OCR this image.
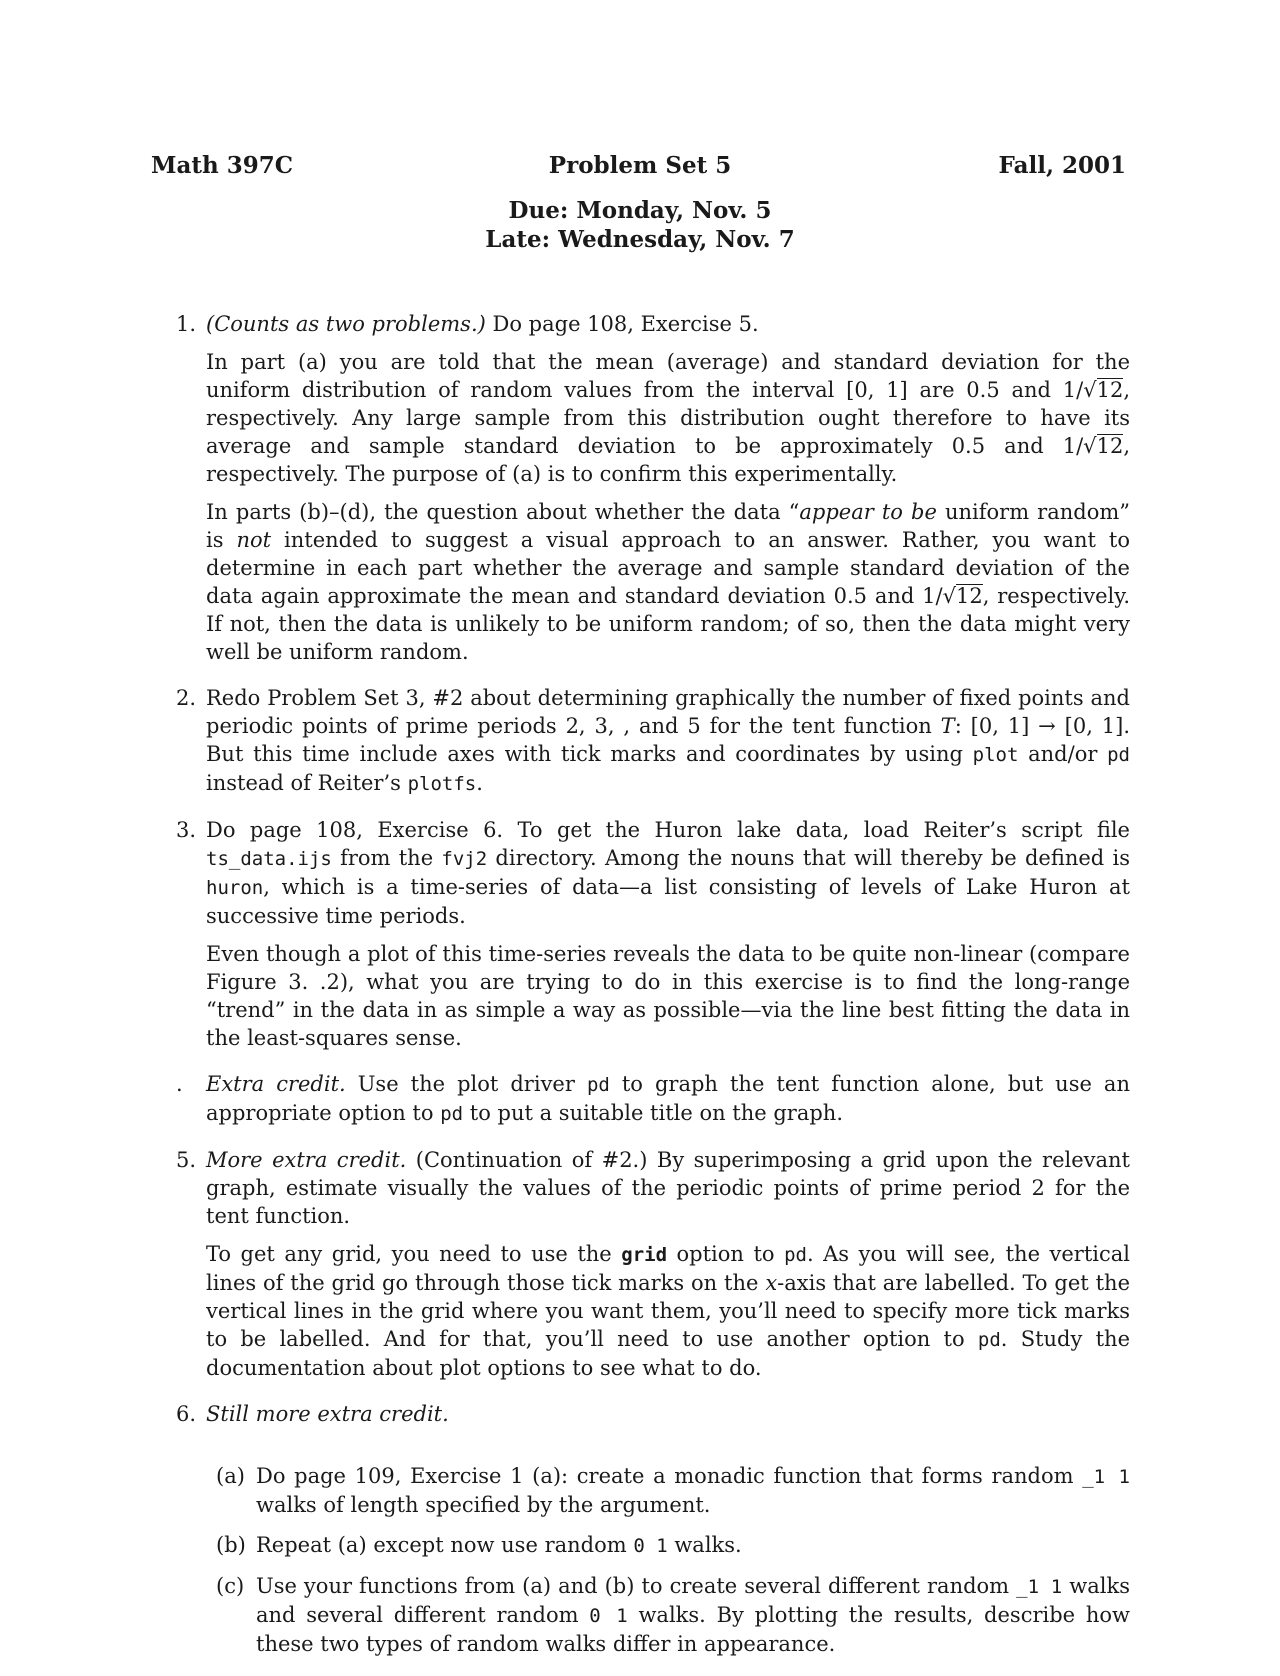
Math 397C	Problem Set 5	Fall, 2001
Due: Monday, Nov. 5
Late: Wednesday, Nov. 7
1. (Counts as two problems.) Do page 108, Exercise 5.

In part (a) you are told that the mean (average) and standard deviation for the uniform distribution of random values from the interval [0, 1] are 0.5 and 1/√12, respectively. Any large sample from this distribution ought therefore to have its average and sample standard deviation to be approximately 0.5 and 1/√12, respectively. The purpose of (a) is to confirm this experimentally.

In parts (b)–(d), the question about whether the data “appear to be uniform random” is not intended to suggest a visual approach to an answer. Rather, you want to determine in each part whether the average and sample standard deviation of the data again approximate the mean and standard deviation 0.5 and 1/√12, respectively. If not, then the data is unlikely to be uniform random; of so, then the data might very well be uniform random.

2. Redo Problem Set 3, #2 about determining graphically the number of fixed points and periodic points of prime periods 2, 3, , and 5 for the tent function T: [0, 1] → [0, 1]. But this time include axes with tick marks and coordinates by using plot and/or pd instead of Reiter’s plotfs.

3. Do page 108, Exercise 6. To get the Huron lake data, load Reiter’s script file ts_data.ijs from the fvj2 directory. Among the nouns that will thereby be defined is huron, which is a time-series of data—a list consisting of levels of Lake Huron at successive time periods.

Even though a plot of this time-series reveals the data to be quite non-linear (compare Figure 3. .2), what you are trying to do in this exercise is to find the long-range “trend” in the data in as simple a way as possible—via the line best fitting the data in the least-squares sense.

.	Extra credit. Use the plot driver pd to graph the tent function alone, but use an appropriate option to pd to put a suitable title on the graph.

5. More extra credit. (Continuation of #2.) By superimposing a grid upon the relevant graph, estimate visually the values of the periodic points of prime period 2 for the tent function.

To get any grid, you need to use the grid option to pd. As you will see, the vertical lines of the grid go through those tick marks on the x-axis that are labelled. To get the vertical lines in the grid where you want them, you’ll need to specify more tick marks to be labelled. And for that, you’ll need to use another option to pd. Study the documentation about plot options to see what to do.

6. Still more extra credit.

(a) Do page 109, Exercise 1 (a): create a monadic function that forms random _1 1 walks of length specified by the argument.
(b) Repeat (a) except now use random 0 1 walks.
(c) Use your functions from (a) and (b) to create several different random _1 1 walks and several different random 0 1 walks. By plotting the results, describe how these two types of random walks differ in appearance.
